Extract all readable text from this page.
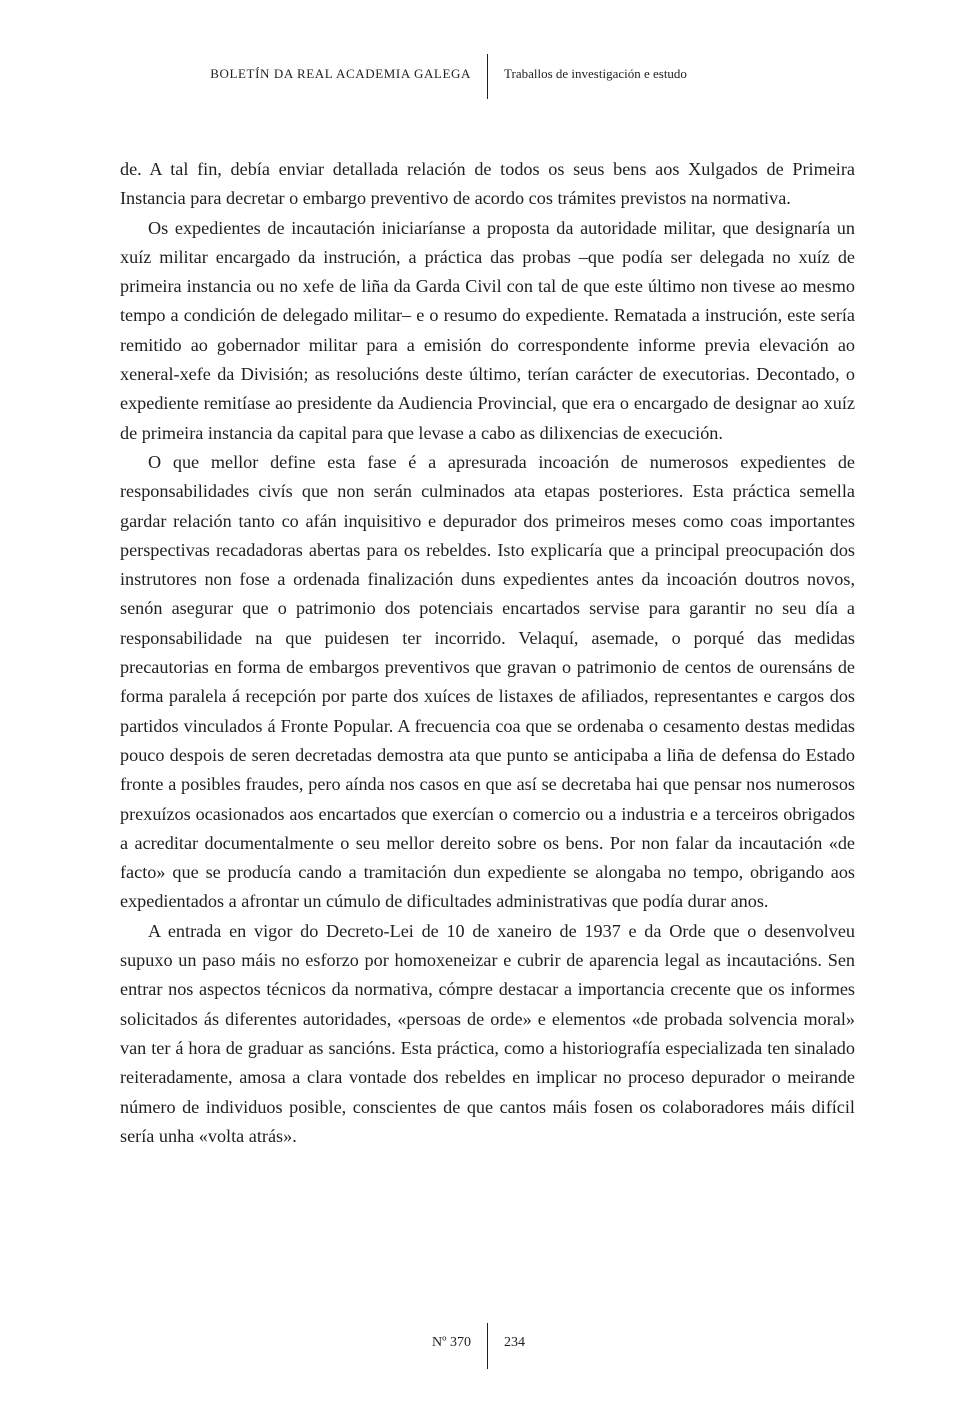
BOLETÍN DA REAL ACADEMIA GALEGA	Traballos de investigación e estudo

de. A tal fin, debía enviar detallada relación de todos os seus bens aos Xulgados de Primeira Instancia para decretar o embargo preventivo de acordo cos trámites previstos na normativa.

Os expedientes de incautación iniciaríanse a proposta da autoridade militar, que designaría un xuíz militar encargado da instrución, a práctica das probas –que podía ser delegada no xuíz de primeira instancia ou no xefe de liña da Garda Civil con tal de que este último non tivese ao mesmo tempo a condición de delegado militar– e o resumo do expediente. Rematada a instrución, este sería remitido ao gobernador militar para a emisión do correspondente informe previa elevación ao xeneral-xefe da División; as resolucións deste último, terían carácter de executorias. Decontado, o expediente remitíase ao presidente da Audiencia Provincial, que era o encargado de designar ao xuíz de primeira instancia da capital para que levase a cabo as dilixencias de execución.

O que mellor define esta fase é a apresurada incoación de numerosos expedientes de responsabilidades civís que non serán culminados ata etapas posteriores. Esta práctica semella gardar relación tanto co afán inquisitivo e depurador dos primeiros meses como coas importantes perspectivas recadadoras abertas para os rebeldes. Isto explicaría que a principal preocupación dos instrutores non fose a ordenada finalización duns expedientes antes da incoación doutros novos, senón asegurar que o patrimonio dos potenciais encartados servise para garantir no seu día a responsabilidade na que puidesen ter incorrido. Velaquí, asemade, o porqué das medidas precautorias en forma de embargos preventivos que gravan o patrimonio de centos de ourensáns de forma paralela á recepción por parte dos xuíces de listaxes de afiliados, representantes e cargos dos partidos vinculados á Fronte Popular. A frecuencia coa que se ordenaba o cesamento destas medidas pouco despois de seren decretadas demostra ata que punto se anticipaba a liña de defensa do Estado fronte a posibles fraudes, pero aínda nos casos en que así se decretaba hai que pensar nos numerosos prexuízos ocasionados aos encartados que exercían o comercio ou a industria e a terceiros obrigados a acreditar documentalmente o seu mellor dereito sobre os bens. Por non falar da incautación «de facto» que se producía cando a tramitación dun expediente se alongaba no tempo, obrigando aos expedientados a afrontar un cúmulo de dificultades administrativas que podía durar anos.

A entrada en vigor do Decreto-Lei de 10 de xaneiro de 1937 e da Orde que o desenvolveu supuxo un paso máis no esforzo por homoxeneizar e cubrir de aparencia legal as incautacións. Sen entrar nos aspectos técnicos da normativa, cómpre destacar a importancia crecente que os informes solicitados ás diferentes autoridades, «persoas de orde» e elementos «de probada solvencia moral» van ter á hora de graduar as sancións. Esta práctica, como a historiografía especializada ten sinalado reiteradamente, amosa a clara vontade dos rebeldes en implicar no proceso depurador o meirande número de individuos posible, conscientes de que cantos máis fosen os colaboradores máis difícil sería unha «volta atrás».

Nº 370 234
